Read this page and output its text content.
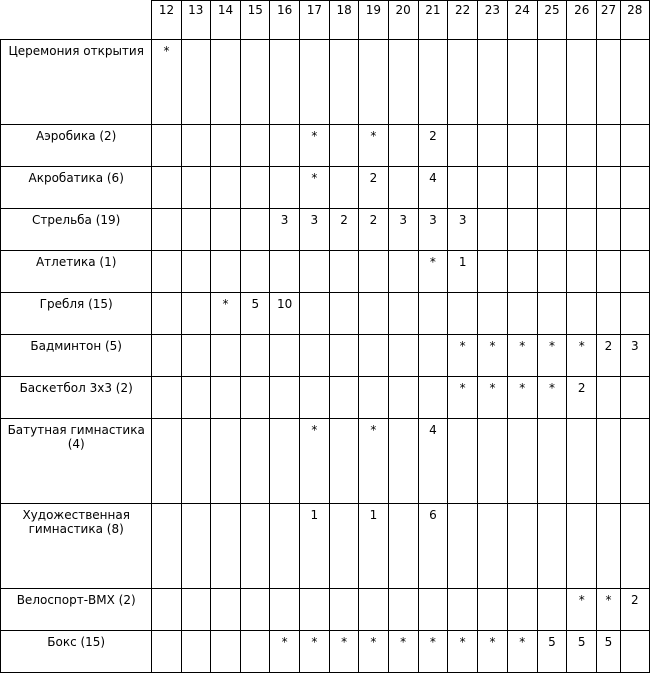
	12	13	14	15	16	17	18	19	20	21	22	23	24	25	26	27	28
Церемония открытия	*																
Аэробика (2)						*		*		2							
Акробатика (6)						*		2		4							
Стрельба (19)					3	3	2	2	3	3	3						
Атлетика (1)										*	1						
Гребля (15)			*	5	10												
Бадминтон (5)											*	*	*	*	*	2	3
Баскетбол 3х3 (2)											*	*	*	*	2		
Батутная гимнастика (4)						*		*		4							
Художественная гимнастика (8)						1		1		6							
Велоспорт-BMX (2)															*	*	2
Бокс (15)					*	*	*	*	*	*	*	*	*	5	5	5	
